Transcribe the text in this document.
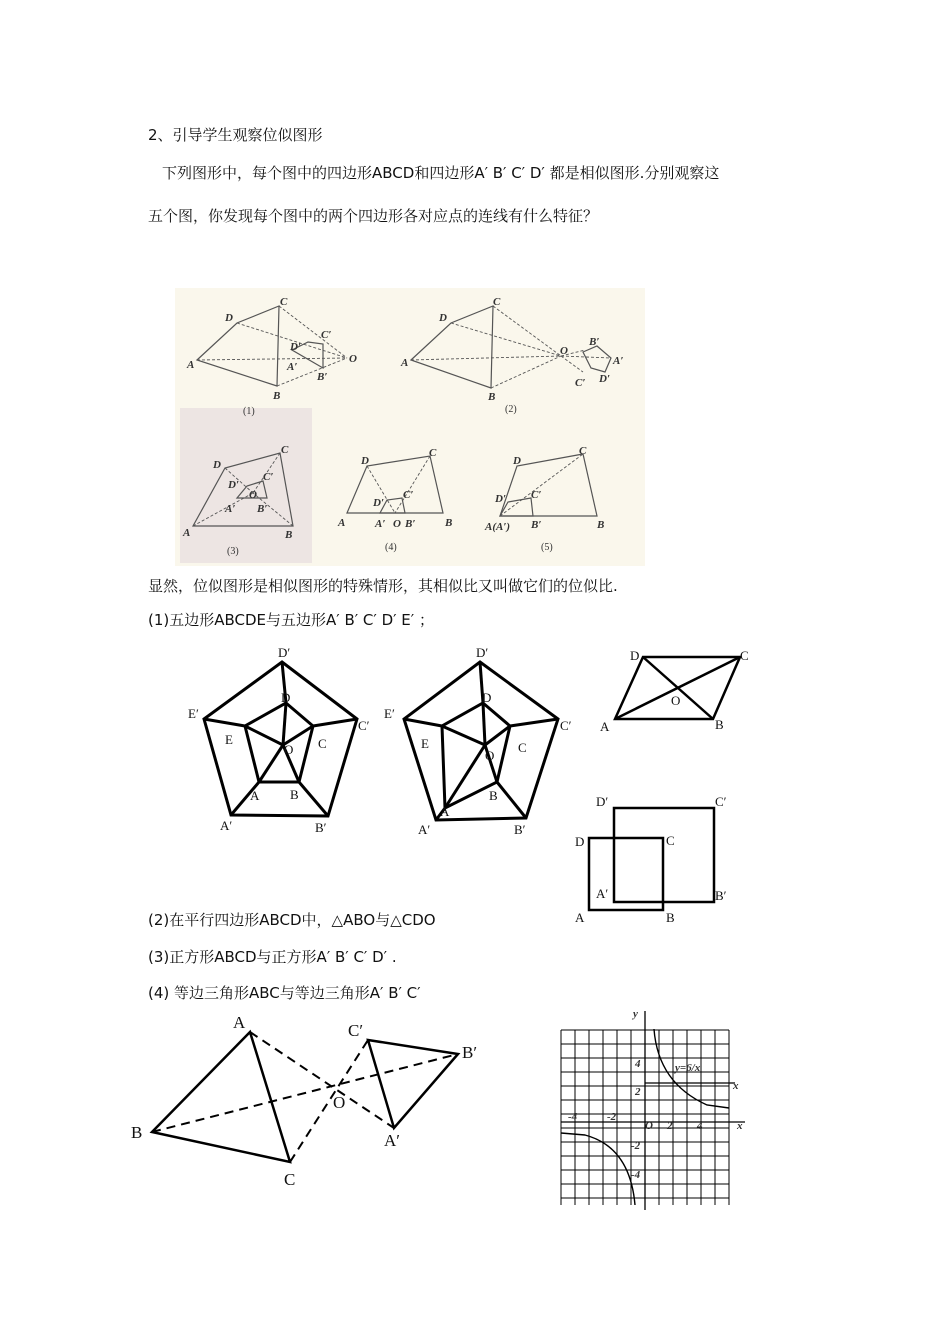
2、引导学生观察位似图形
下列图形中，每个图中的四边形ABCD和四边形A′ B′ C′ D′ 都是相似图形.分别观察这
五个图，你发现每个图中的两个四边形各对应点的连线有什么特征？
A
D
C
B
D′
C′
A′
B′
O
(1)
A
D
C
B
O
B′
A′
D′
C′
(2)
A
D
C
B
D′
C′
O
A′ B′
(3)
A
D
C
B
D′
C′
A′ O B′
(4)
A(A′)
D
C
B
D′ C′
B′
(5)
显然，位似图形是相似图形的特殊情形，其相似比又叫做它们的位似比.
(1)五边形ABCDE与五边形A′ B′ C′ D′ E′ ；
D′
D
E′
E
O C
C′
A B
A′	B′
D′
D
E′
E
O
C
C′
A
B
A′	B′
D	C
O
A	B
D′	C′
D	C
A′	B′
A	B
(2)在平行四边形ABCD中，△ABO与△CDO
(3)正方形ABCD与正方形A′ B′ C′ D′ .
(4) 等边三角形ABC与等边三角形A′ B′ C′
A
B
C
O
C′
B′
A′
y
x
x
y=6/x
-4	-2
O 2 4
4
2
-2
-4
